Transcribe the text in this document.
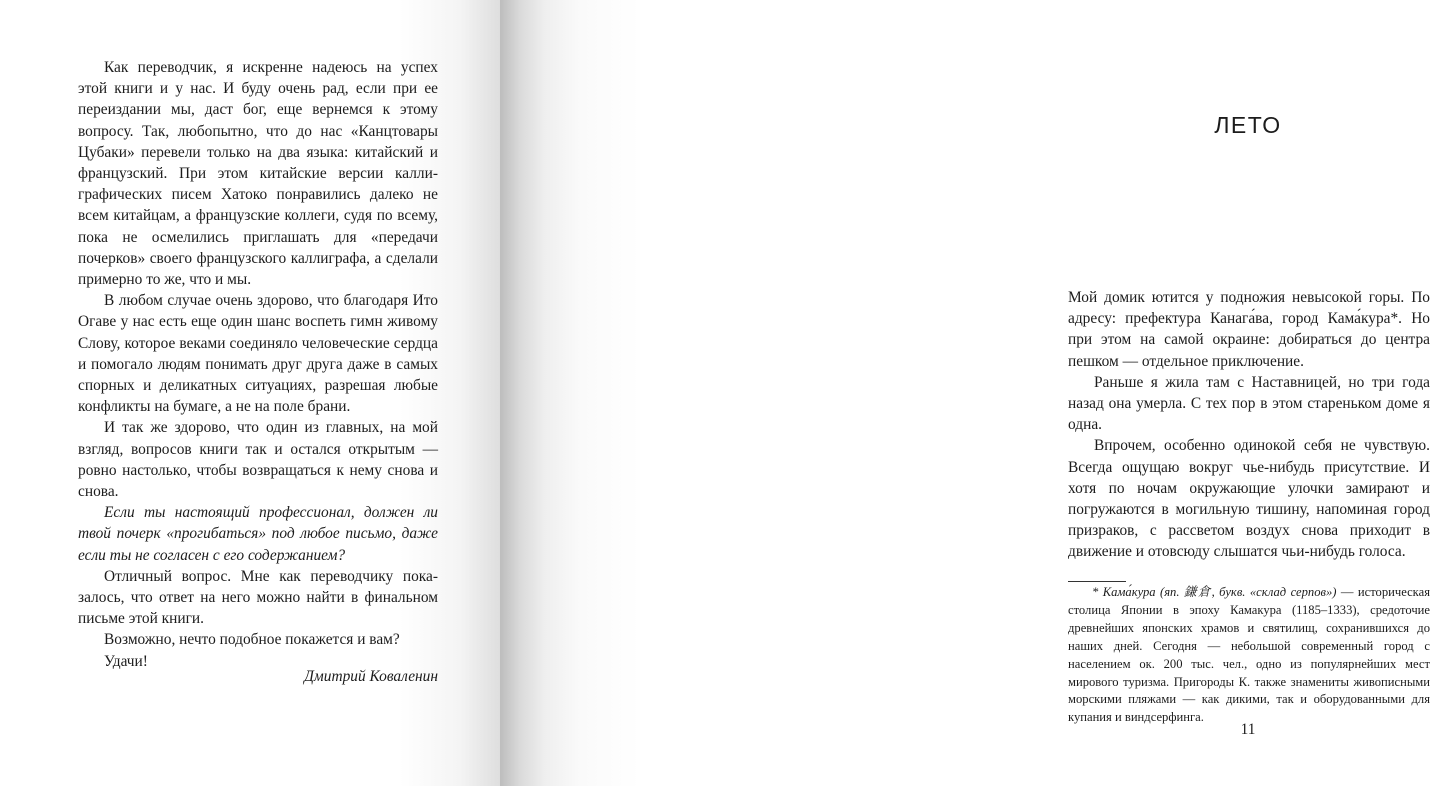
Как переводчик, я искренне надеюсь на успех этой книги и у нас. И буду очень рад, если при ее переиздании мы, даст бог, еще вернемся к этому вопросу. Так, любопытно, что до нас «Канцтовары Цубаки» перевели только на два языка: китайский и французский. При этом китайские версии каллиграфических писем Хатоко понравились далеко не всем китайцам, а французские коллеги, судя по всему, пока не осмелились приглашать для «передачи почерков» своего французского каллиграфа, а сделали примерно то же, что и мы.

В любом случае очень здорово, что благодаря Ито Огаве у нас есть еще один шанс воспеть гимн живому Слову, которое веками соединяло человеческие сердца и помогало людям понимать друг друга даже в самых спорных и деликатных ситуациях, разрешая любые конфликты на бумаге, а не на поле брани.

И так же здорово, что один из главных, на мой взгляд, вопросов книги так и остался открытым — ровно настолько, чтобы возвращаться к нему снова и снова.

Если ты настоящий профессионал, должен ли твой почерк «прогибаться» под любое письмо, даже если ты не согласен с его содержанием?

Отличный вопрос. Мне как переводчику показалось, что ответ на него можно найти в финальном письме этой книги.

Возможно, нечто подобное покажется и вам?

Удачи!

Дмитрий Коваленин
ЛЕТО

Мой домик ютится у подножия невысокой горы. По адресу: префектура Канага́ва, город Кама́кура*. Но при этом на самой окраине: добираться до центра пешком — отдельное приключение.

Раньше я жила там с Наставницей, но три года назад она умерла. С тех пор в этом стареньком доме я одна.

Впрочем, особенно одинокой себя не чувствую. Всегда ощущаю вокруг чье-нибудь присутствие. И хотя по ночам окружающие улочки замирают и погружаются в могильную тишину, напоминая город призраков, с рассветом воздух снова приходит в движение и отовсюду слышатся чьи-нибудь голоса.

* Кама́кура (яп. 鎌倉, букв. «склад серпов») — историческая столица Японии в эпоху Камакура (1185–1333), средоточие древнейших японских храмов и святилищ, сохранившихся до наших дней. Сегодня — небольшой современный город с населением ок. 200 тыс. чел., одно из популярнейших мест мирового туризма. Пригороды К. также знамениты живописными морскими пляжами — как дикими, так и оборудованными для купания и виндсерфинга.

11
